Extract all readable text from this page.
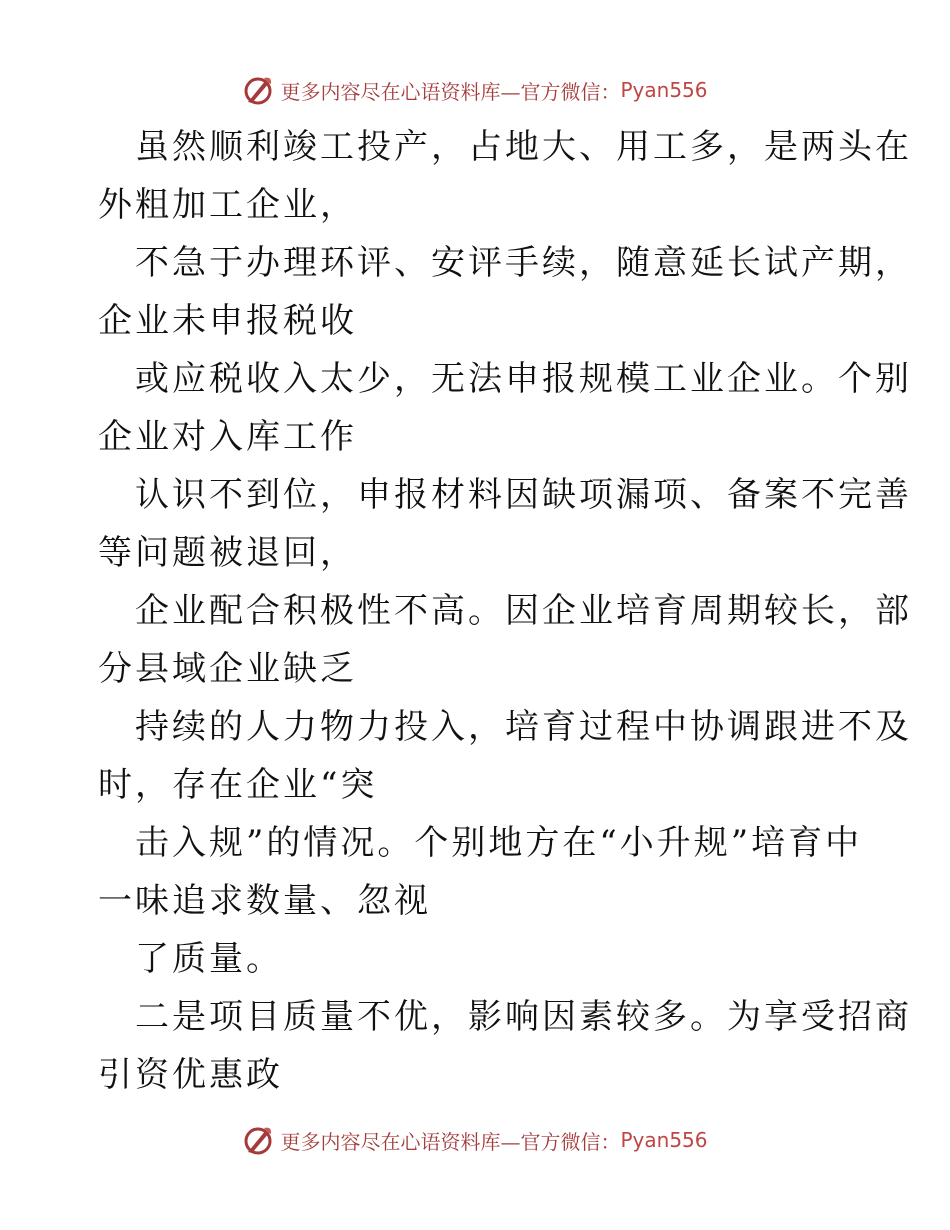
更多内容尽在心语资料库—官方微信： Pyan556
虽然顺利竣工投产，占地大、用工多，是两头在
外粗加工企业，
不急于办理环评、安评手续，随意延长试产期，
企业未申报税收
或应税收入太少，无法申报规模工业企业。个别
企业对入库工作
认识不到位，申报材料因缺项漏项、备案不完善
等问题被退回，
企业配合积极性不高。因企业培育周期较长，部
分县域企业缺乏
持续的人力物力投入，培育过程中协调跟进不及
时，存在企业“突
击入规”的情况。个别地方在“小升规”培育中
一味追求数量、忽视
了质量。
二是项目质量不优，影响因素较多。为享受招商
引资优惠政
更多内容尽在心语资料库—官方微信： Pyan556
